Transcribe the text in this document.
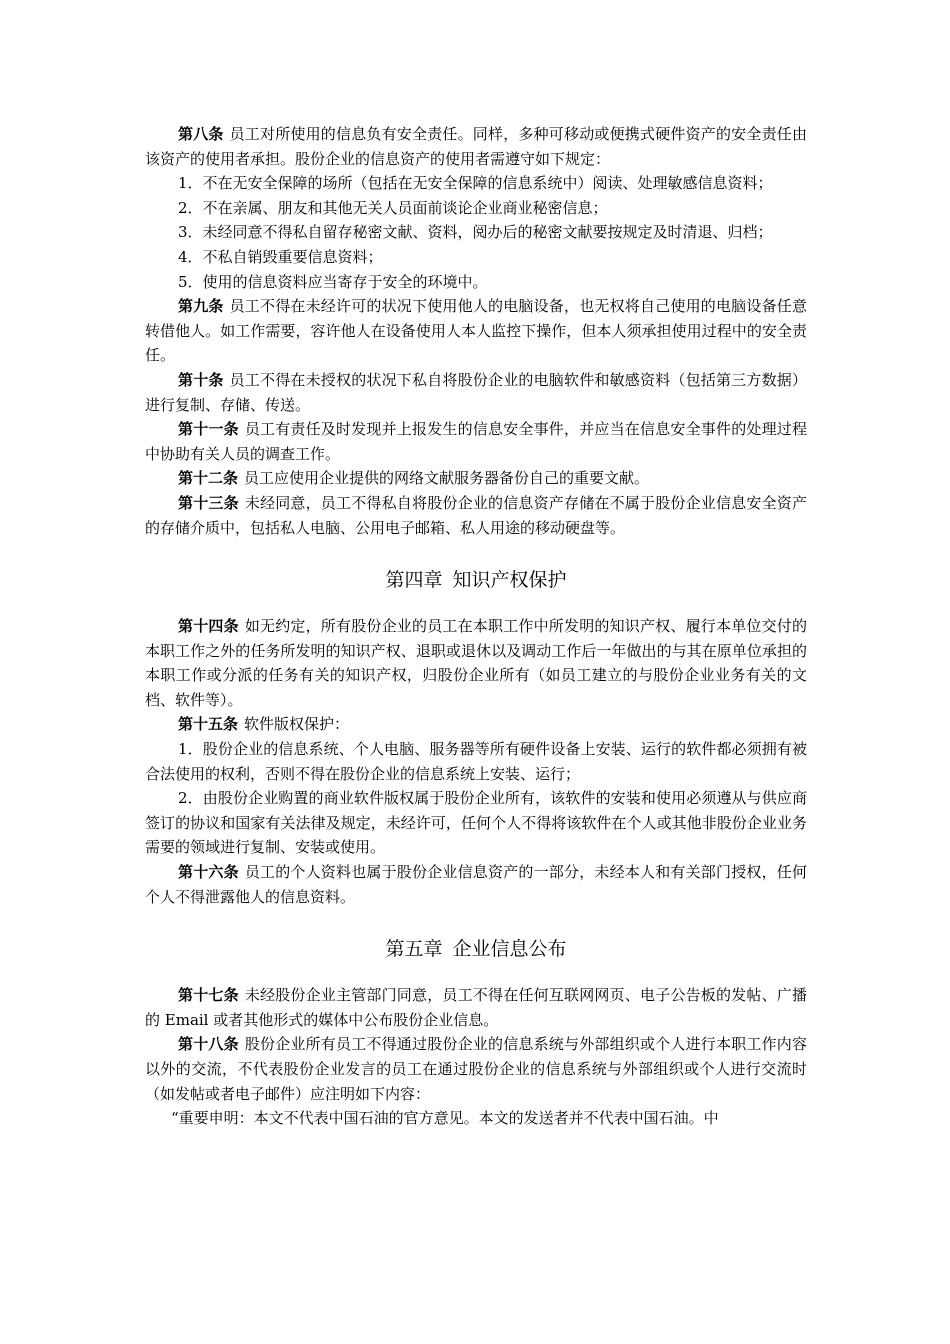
第八条 员工对所使用的信息负有安全责任。同样，多种可移动或便携式硬件资产的安全责任由该资产的使用者承担。股份企业的信息资产的使用者需遵守如下规定：

1．不在无安全保障的场所（包括在无安全保障的信息系统中）阅读、处理敏感信息资料；

2．不在亲属、朋友和其他无关人员面前谈论企业商业秘密信息；

3．未经同意不得私自留存秘密文献、资料，阅办后的秘密文献要按规定及时清退、归档；

4．不私自销毁重要信息资料；

5．使用的信息资料应当寄存于安全的环境中。

第九条 员工不得在未经许可的状况下使用他人的电脑设备，也无权将自己使用的电脑设备任意转借他人。如工作需要，容许他人在设备使用人本人监控下操作，但本人须承担使用过程中的安全责任。

第十条 员工不得在未授权的状况下私自将股份企业的电脑软件和敏感资料（包括第三方数据）进行复制、存储、传送。

第十一条 员工有责任及时发现并上报发生的信息安全事件，并应当在信息安全事件的处理过程中协助有关人员的调查工作。

第十二条 员工应使用企业提供的网络文献服务器备份自己的重要文献。

第十三条 未经同意，员工不得私自将股份企业的信息资产存储在不属于股份企业信息安全资产的存储介质中，包括私人电脑、公用电子邮箱、私人用途的移动硬盘等。

第四章 知识产权保护

第十四条 如无约定，所有股份企业的员工在本职工作中所发明的知识产权、履行本单位交付的本职工作之外的任务所发明的知识产权、退职或退休以及调动工作后一年做出的与其在原单位承担的本职工作或分派的任务有关的知识产权，归股份企业所有（如员工建立的与股份企业业务有关的文档、软件等）。

第十五条 软件版权保护：

1．股份企业的信息系统、个人电脑、服务器等所有硬件设备上安装、运行的软件都必须拥有被合法使用的权利，否则不得在股份企业的信息系统上安装、运行；

2．由股份企业购置的商业软件版权属于股份企业所有，该软件的安装和使用必须遵从与供应商签订的协议和国家有关法律及规定，未经许可，任何个人不得将该软件在个人或其他非股份企业业务需要的领域进行复制、安装或使用。

第十六条 员工的个人资料也属于股份企业信息资产的一部分，未经本人和有关部门授权，任何个人不得泄露他人的信息资料。

第五章 企业信息公布

第十七条 未经股份企业主管部门同意，员工不得在任何互联网网页、电子公告板的发帖、广播的 Email 或者其他形式的媒体中公布股份企业信息。

第十八条 股份企业所有员工不得通过股份企业的信息系统与外部组织或个人进行本职工作内容以外的交流，不代表股份企业发言的员工在通过股份企业的信息系统与外部组织或个人进行交流时（如发帖或者电子邮件）应注明如下内容：

“重要申明：本文不代表中国石油的官方意见。本文的发送者并不代表中国石油。中
